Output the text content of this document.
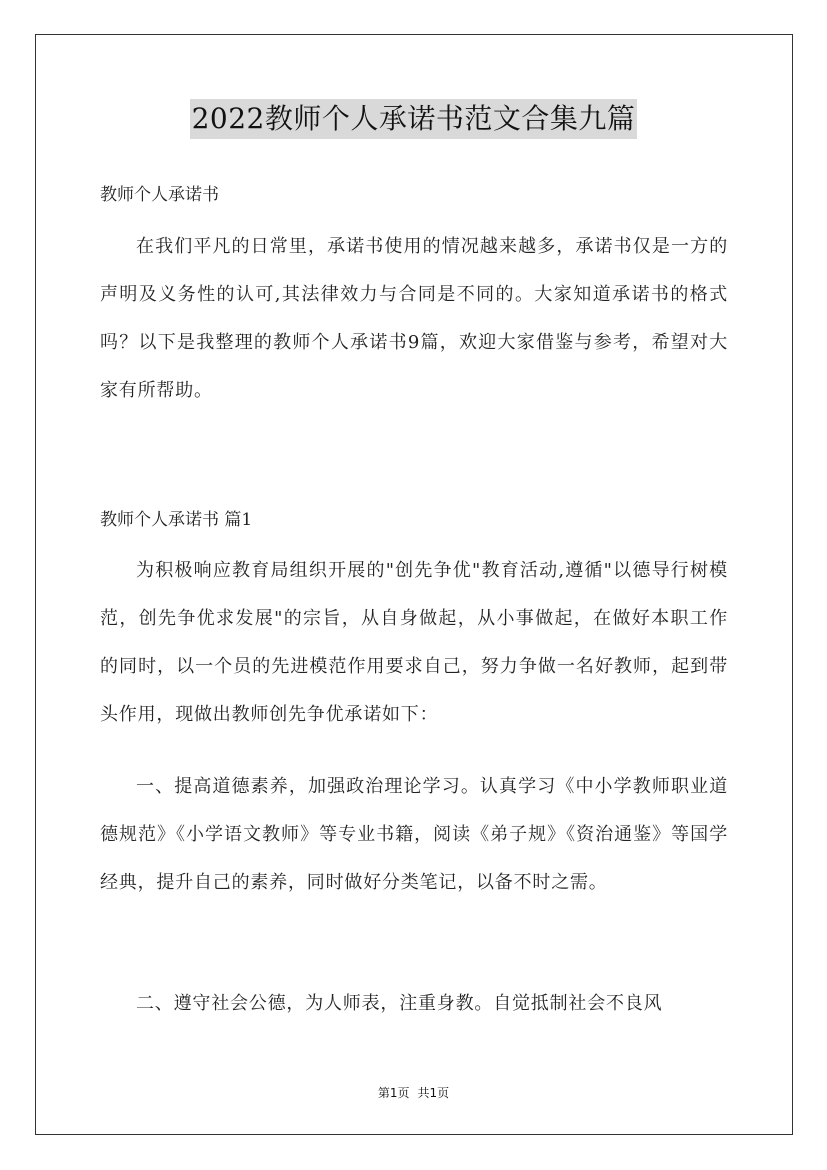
2022教师个人承诺书范文合集九篇
教师个人承诺书

在我们平凡的日常里，承诺书使用的情况越来越多，承诺书仅是一方的声明及义务性的认可,其法律效力与合同是不同的。大家知道承诺书的格式吗？以下是我整理的教师个人承诺书9篇，欢迎大家借鉴与参考，希望对大家有所帮助。

教师个人承诺书 篇1

为积极响应教育局组织开展的"创先争优"教育活动,遵循"以德导行树模范，创先争优求发展"的宗旨，从自身做起，从小事做起，在做好本职工作的同时，以一个员的先进模范作用要求自己，努力争做一名好教师，起到带头作用，现做出教师创先争优承诺如下：

一、提高道德素养，加强政治理论学习。认真学习《中小学教师职业道德规范》《小学语文教师》等专业书籍，阅读《弟子规》《资治通鉴》等国学经典，提升自己的素养，同时做好分类笔记，以备不时之需。

二、遵守社会公德，为人师表，注重身教。自觉抵制社会不良风

第1页 共1页
